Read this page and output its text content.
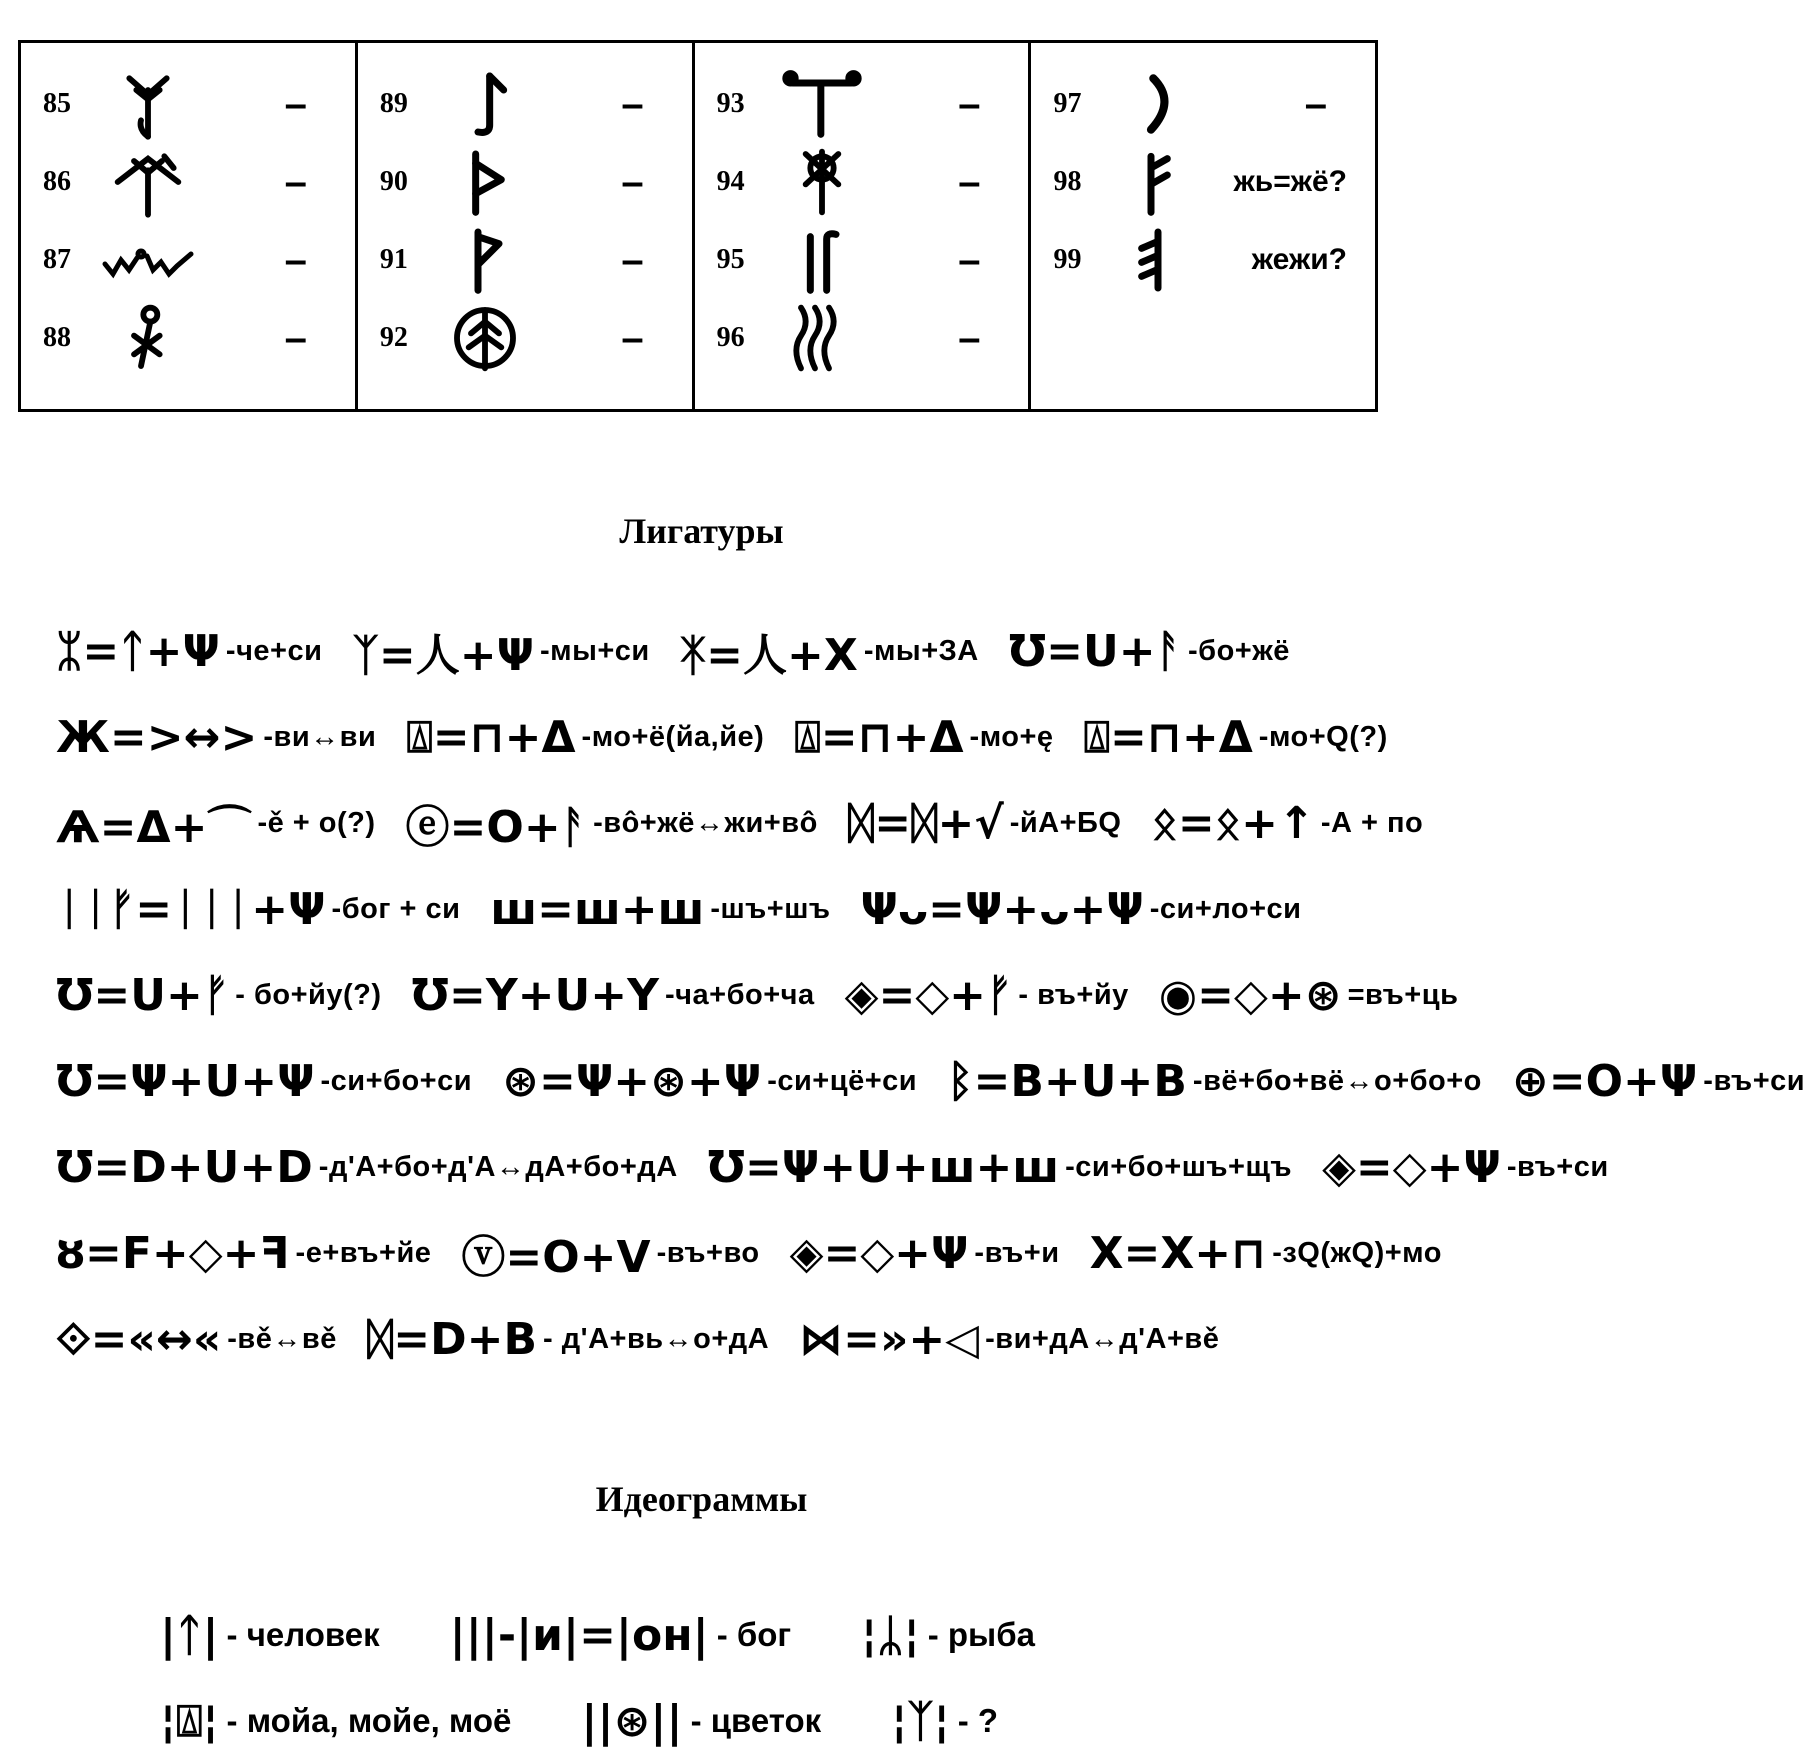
85	–
86	–
87	–
88	–
89	–
90	–
91	–
92	–
93	–
94	–
95	–
96	–
97	–
98	жь=жё?
99	жежи?
Лигатуры
ᛯ=ᛏ+Ψ -че+си ᛉ=人+Ψ -мы+си ᛡ=人+X -мы+ЗА Ʊ=U+ᚨ -бо+жё
Ж=>↔> -ви↔ви ⍍=⊓+Δ -мо+ё(йа,йе) ⍍=⊓+Δ -мо+ę ⍍=⊓+Δ -мо+Q(?)
Ѧ=Δ+⌒ -ě + о(?) ⓔ=O+ᚨ -вô+жё↔жи+вô ᛞ=ᛞ+√ -йА+БQ ᛟ=ᛟ+↑ -А + по
ᛁᛁᚠ=ᛁᛁᛁ+Ψ -бог + си ш=ш+ш -шъ+шъ Ψᴗ=Ψ+ᴗ+Ψ -си+ло+си
Ʊ=U+ᚠ - бо+йу(?) Ʊ=Y+U+Y -ча+бо+ча ◈=◇+ᚠ - въ+йу ◉=◇+⊛ =въ+ць
Ʊ=Ψ+U+Ψ -си+бо+си ⊛=Ψ+⊛+Ψ -си+цё+си ᛒ=B+U+B -вё+бо+вё↔о+бо+о ⊕=O+Ψ -въ+си
Ʊ=D+U+D -д'А+бо+д'А↔дА+бо+дА Ʊ=Ψ+U+ш+ш -си+бо+шъ+щъ ◈=◇+Ψ -въ+си
ȣ=F+◇+ꟻ -е+въ+йе ⓥ=O+V -въ+во ◈=◇+Ψ -въ+и X=X+⊓ -зQ(жQ)+мо
⟐=«↔« -вě↔вě ᛞ=D+B - д'А+вь↔о+дА ⋈=»+◁ -ви+дА↔д'А+вě
Идеограммы
|ᛏ| - человек |||-|и|=|он| - бог ¦ᛦ¦ - рыба
¦⍍¦ - мойа, мойе, моё ||⊛|| - цветок ¦ᛉ¦ - ?
